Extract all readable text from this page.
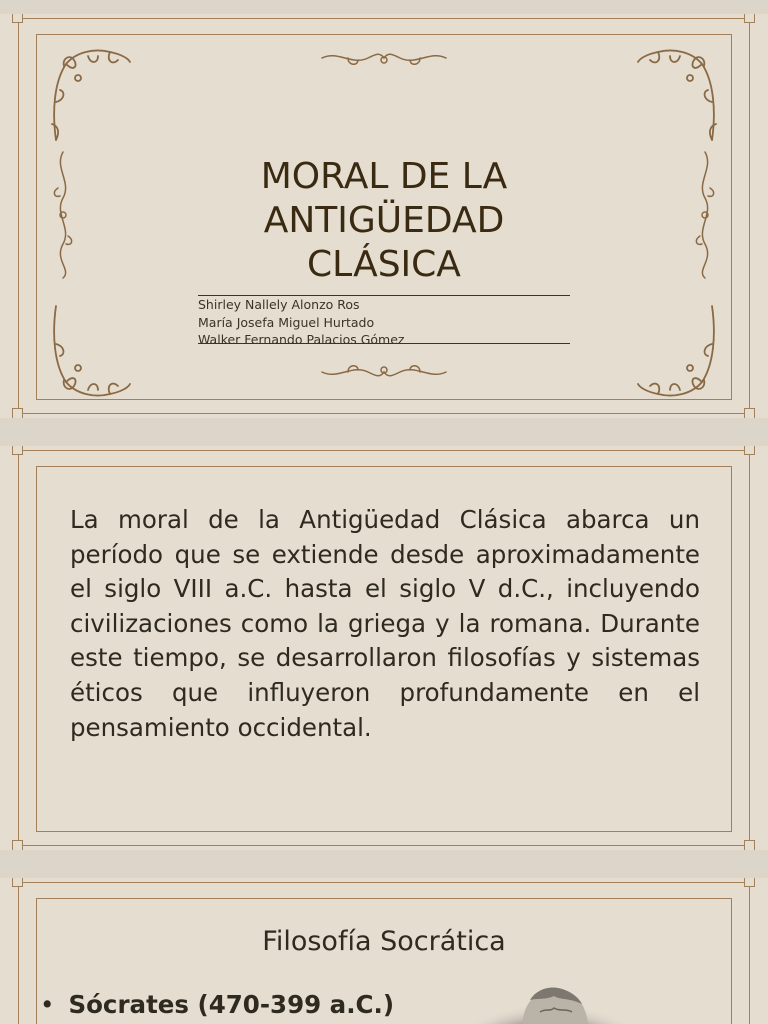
MORAL DE LA
ANTIGÜEDAD
CLÁSICA
Shirley Nallely Alonzo Ros
María Josefa Miguel Hurtado
Walker Fernando Palacios Gómez

La moral de la Antigüedad Clásica abarca un período que se extiende desde aproximadamente el siglo VIII a.C. hasta el siglo V d.C., incluyendo civilizaciones como la griega y la romana. Durante este tiempo, se desarrollaron filosofías y sistemas éticos que influyeron profundamente en el pensamiento occidental.

Filosofía Socrática
• Sócrates (470-399 a.C.)
